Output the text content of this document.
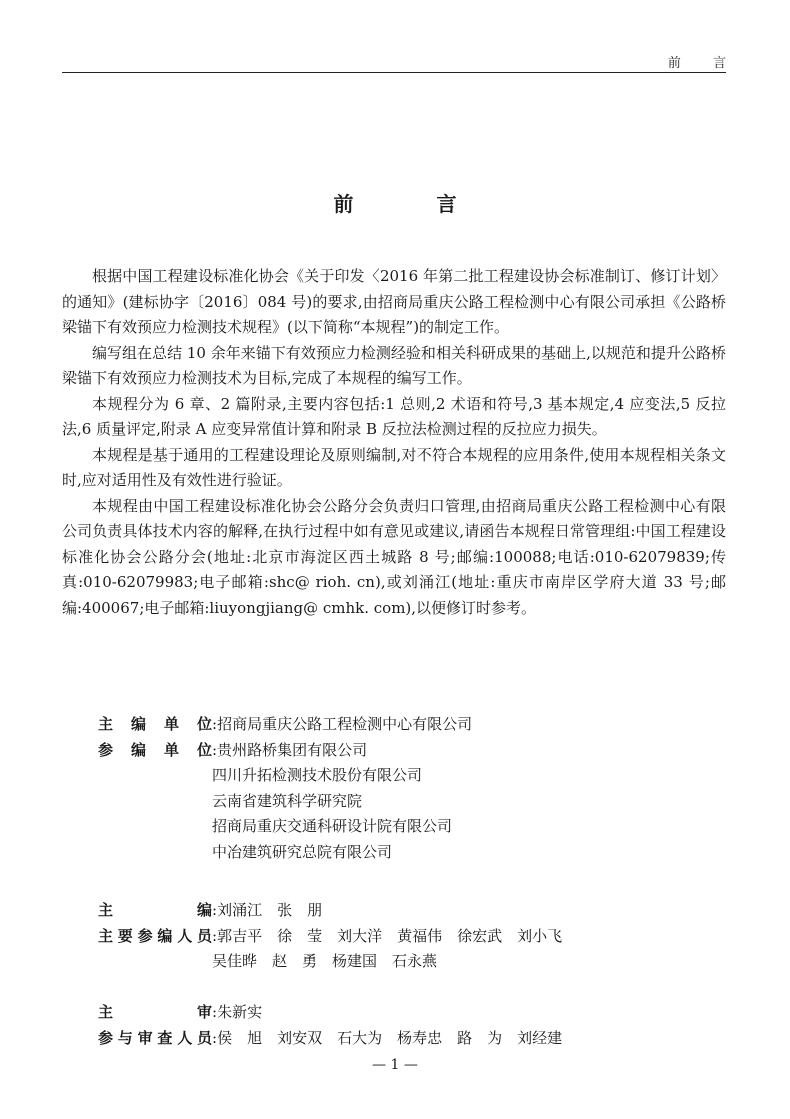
前 言
前 言

根据中国工程建设标准化协会《关于印发〈2016 年第二批工程建设协会标准制订、修订计划〉的通知》(建标协字〔2016〕084 号)的要求,由招商局重庆公路工程检测中心有限公司承担《公路桥梁锚下有效预应力检测技术规程》(以下简称“本规程”)的制定工作。

编写组在总结 10 余年来锚下有效预应力检测经验和相关科研成果的基础上,以规范和提升公路桥梁锚下有效预应力检测技术为目标,完成了本规程的编写工作。

本规程分为 6 章、2 篇附录,主要内容包括:1 总则,2 术语和符号,3 基本规定,4 应变法,5 反拉法,6 质量评定,附录 A 应变异常值计算和附录 B 反拉法检测过程的反拉应力损失。

本规程是基于通用的工程建设理论及原则编制,对不符合本规程的应用条件,使用本规程相关条文时,应对适用性及有效性进行验证。

本规程由中国工程建设标准化协会公路分会负责归口管理,由招商局重庆公路工程检测中心有限公司负责具体技术内容的解释,在执行过程中如有意见或建议,请函告本规程日常管理组:中国工程建设标准化协会公路分会(地址:北京市海淀区西土城路 8 号;邮编:100088;电话:010-62079839;传真:010-62079983;电子邮箱:shc@ rioh. cn),或刘涌江(地址:重庆市南岸区学府大道 33 号;邮编:400067;电子邮箱:liuyongjiang@ cmhk. com),以便修订时参考。

主编单位 : 招商局重庆公路工程检测中心有限公司
参编单位 : 贵州路桥集团有限公司
四川升拓检测技术股份有限公司
云南省建筑科学研究院
招商局重庆交通科研设计院有限公司
中冶建筑研究总院有限公司
主编 : 刘涌江　张　朋
主要参编人员 : 郭吉平　徐　莹　刘大洋　黄福伟　徐宏武　刘小飞
吴佳晔　赵　勇　杨建国　石永燕
主审 : 朱新实
参与审查人员 : 侯　旭　刘安双　石大为　杨寿忠　路　为　刘经建
— 1 —
